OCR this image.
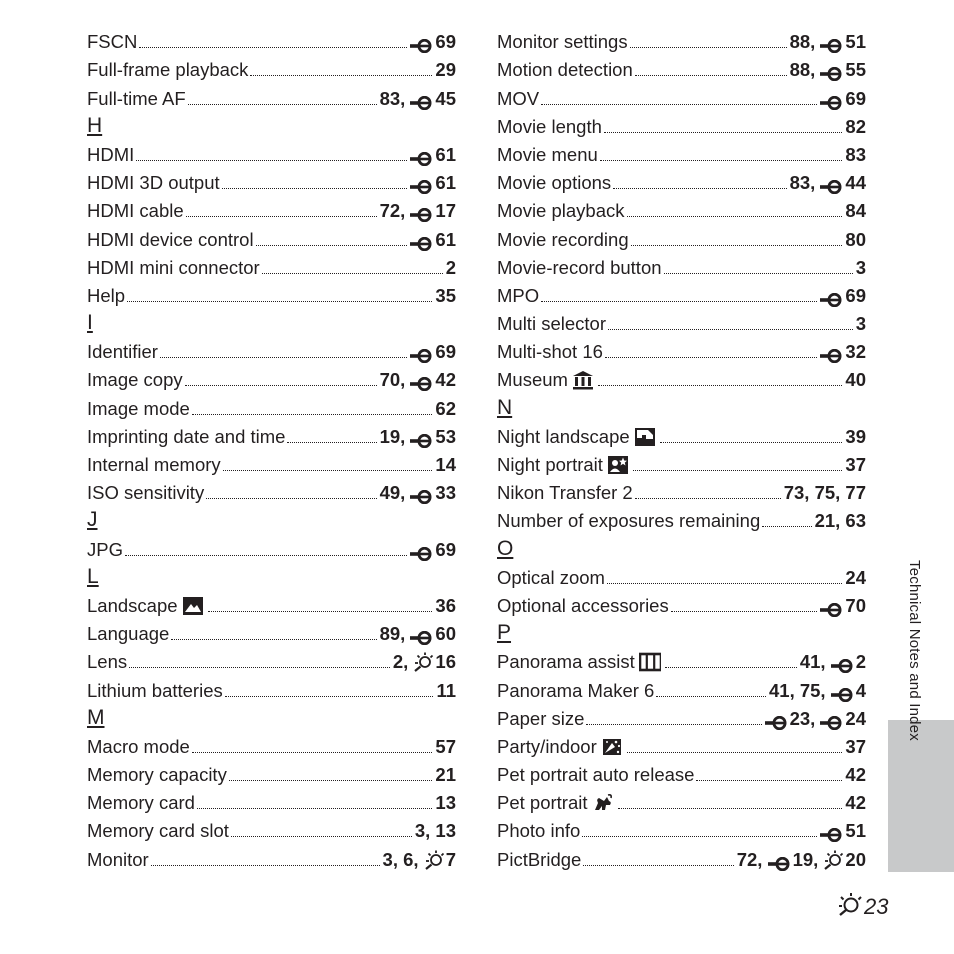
FSCN	69
Full-frame playback	29
Full-time AF	83 , 45
H
HDMI	61
HDMI 3D output	61
HDMI cable	72 , 17
HDMI device control	61
HDMI mini connector	2
Help	35
I
Identifier	69
Image copy	70 , 42
Image mode	62
Imprinting date and time	19 , 53
Internal memory	14
ISO sensitivity	49 , 33
J
JPG	69
L
Landscape	36
Language	89 , 60
Lens	2 , 16
Lithium batteries	11
M
Macro mode	57
Memory capacity	21
Memory card	13
Memory card slot	3 , 13
Monitor	3 , 6 , 7
Monitor settings	88 , 51
Motion detection	88 , 55
MOV	69
Movie length	82
Movie menu	83
Movie options	83 , 44
Movie playback	84
Movie recording	80
Movie-record button	3
MPO	69
Multi selector	3
Multi-shot 16	32
Museum	40
N
Night landscape	39
Night portrait	37
Nikon Transfer 2	73 , 75 , 77
Number of exposures remaining	21 , 63
O
Optical zoom	24
Optional accessories	70
P
Panorama assist	41 , 2
Panorama Maker 6	41 , 75 , 4
Paper size	23 , 24
Party/indoor	37
Pet portrait auto release	42
Pet portrait	42
Photo info	51
PictBridge	72 , 19 , 20
Technical Notes and Index
23
